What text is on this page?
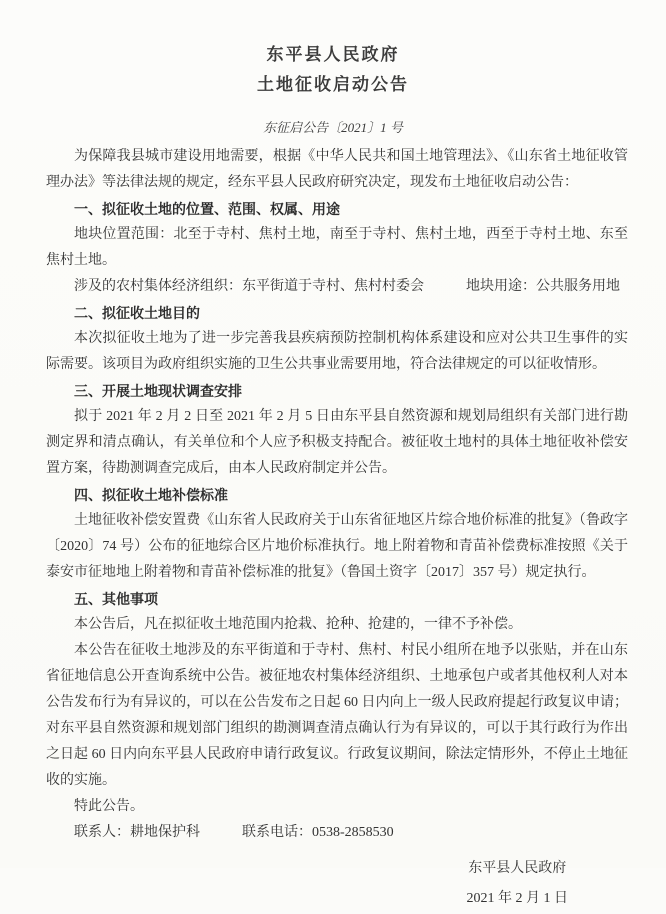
东平县人民政府
土地征收启动公告
东征启公告〔2021〕1 号

为保障我县城市建设用地需要，根据《中华人民共和国土地管理法》、《山东省土地征收管理办法》等法律法规的规定，经东平县人民政府研究决定，现发布土地征收启动公告：

一、拟征收土地的位置、范围、权属、用途

地块位置范围：北至于寺村、焦村土地，南至于寺村、焦村土地，西至于寺村土地、东至焦村土地。

涉及的农村集体经济组织：东平街道于寺村、焦村村委会　　　地块用途：公共服务用地

二、拟征收土地目的

本次拟征收土地为了进一步完善我县疾病预防控制机构体系建设和应对公共卫生事件的实际需要。该项目为政府组织实施的卫生公共事业需要用地，符合法律规定的可以征收情形。

三、开展土地现状调查安排

拟于 2021 年 2 月 2 日至 2021 年 2 月 5 日由东平县自然资源和规划局组织有关部门进行勘测定界和清点确认，有关单位和个人应予积极支持配合。被征收土地村的具体土地征收补偿安置方案，待勘测调查完成后，由本人民政府制定并公告。

四、拟征收土地补偿标准

土地征收补偿安置费《山东省人民政府关于山东省征地区片综合地价标准的批复》（鲁政字〔2020〕74 号）公布的征地综合区片地价标准执行。地上附着物和青苗补偿费标准按照《关于泰安市征地地上附着物和青苗补偿标准的批复》（鲁国土资字〔2017〕357 号）规定执行。

五、其他事项

本公告后，凡在拟征收土地范围内抢栽、抢种、抢建的，一律不予补偿。

本公告在征收土地涉及的东平街道和于寺村、焦村、村民小组所在地予以张贴，并在山东省征地信息公开查询系统中公告。被征地农村集体经济组织、土地承包户或者其他权利人对本公告发布行为有异议的，可以在公告发布之日起 60 日内向上一级人民政府提起行政复议申请；对东平县自然资源和规划部门组织的勘测调查清点确认行为有异议的，可以于其行政行为作出之日起 60 日内向东平县人民政府申请行政复议。行政复议期间，除法定情形外，不停止土地征收的实施。

特此公告。

联系人：耕地保护科　　　联系电话：0538-2858530

东平县人民政府

2021 年 2 月 1 日
